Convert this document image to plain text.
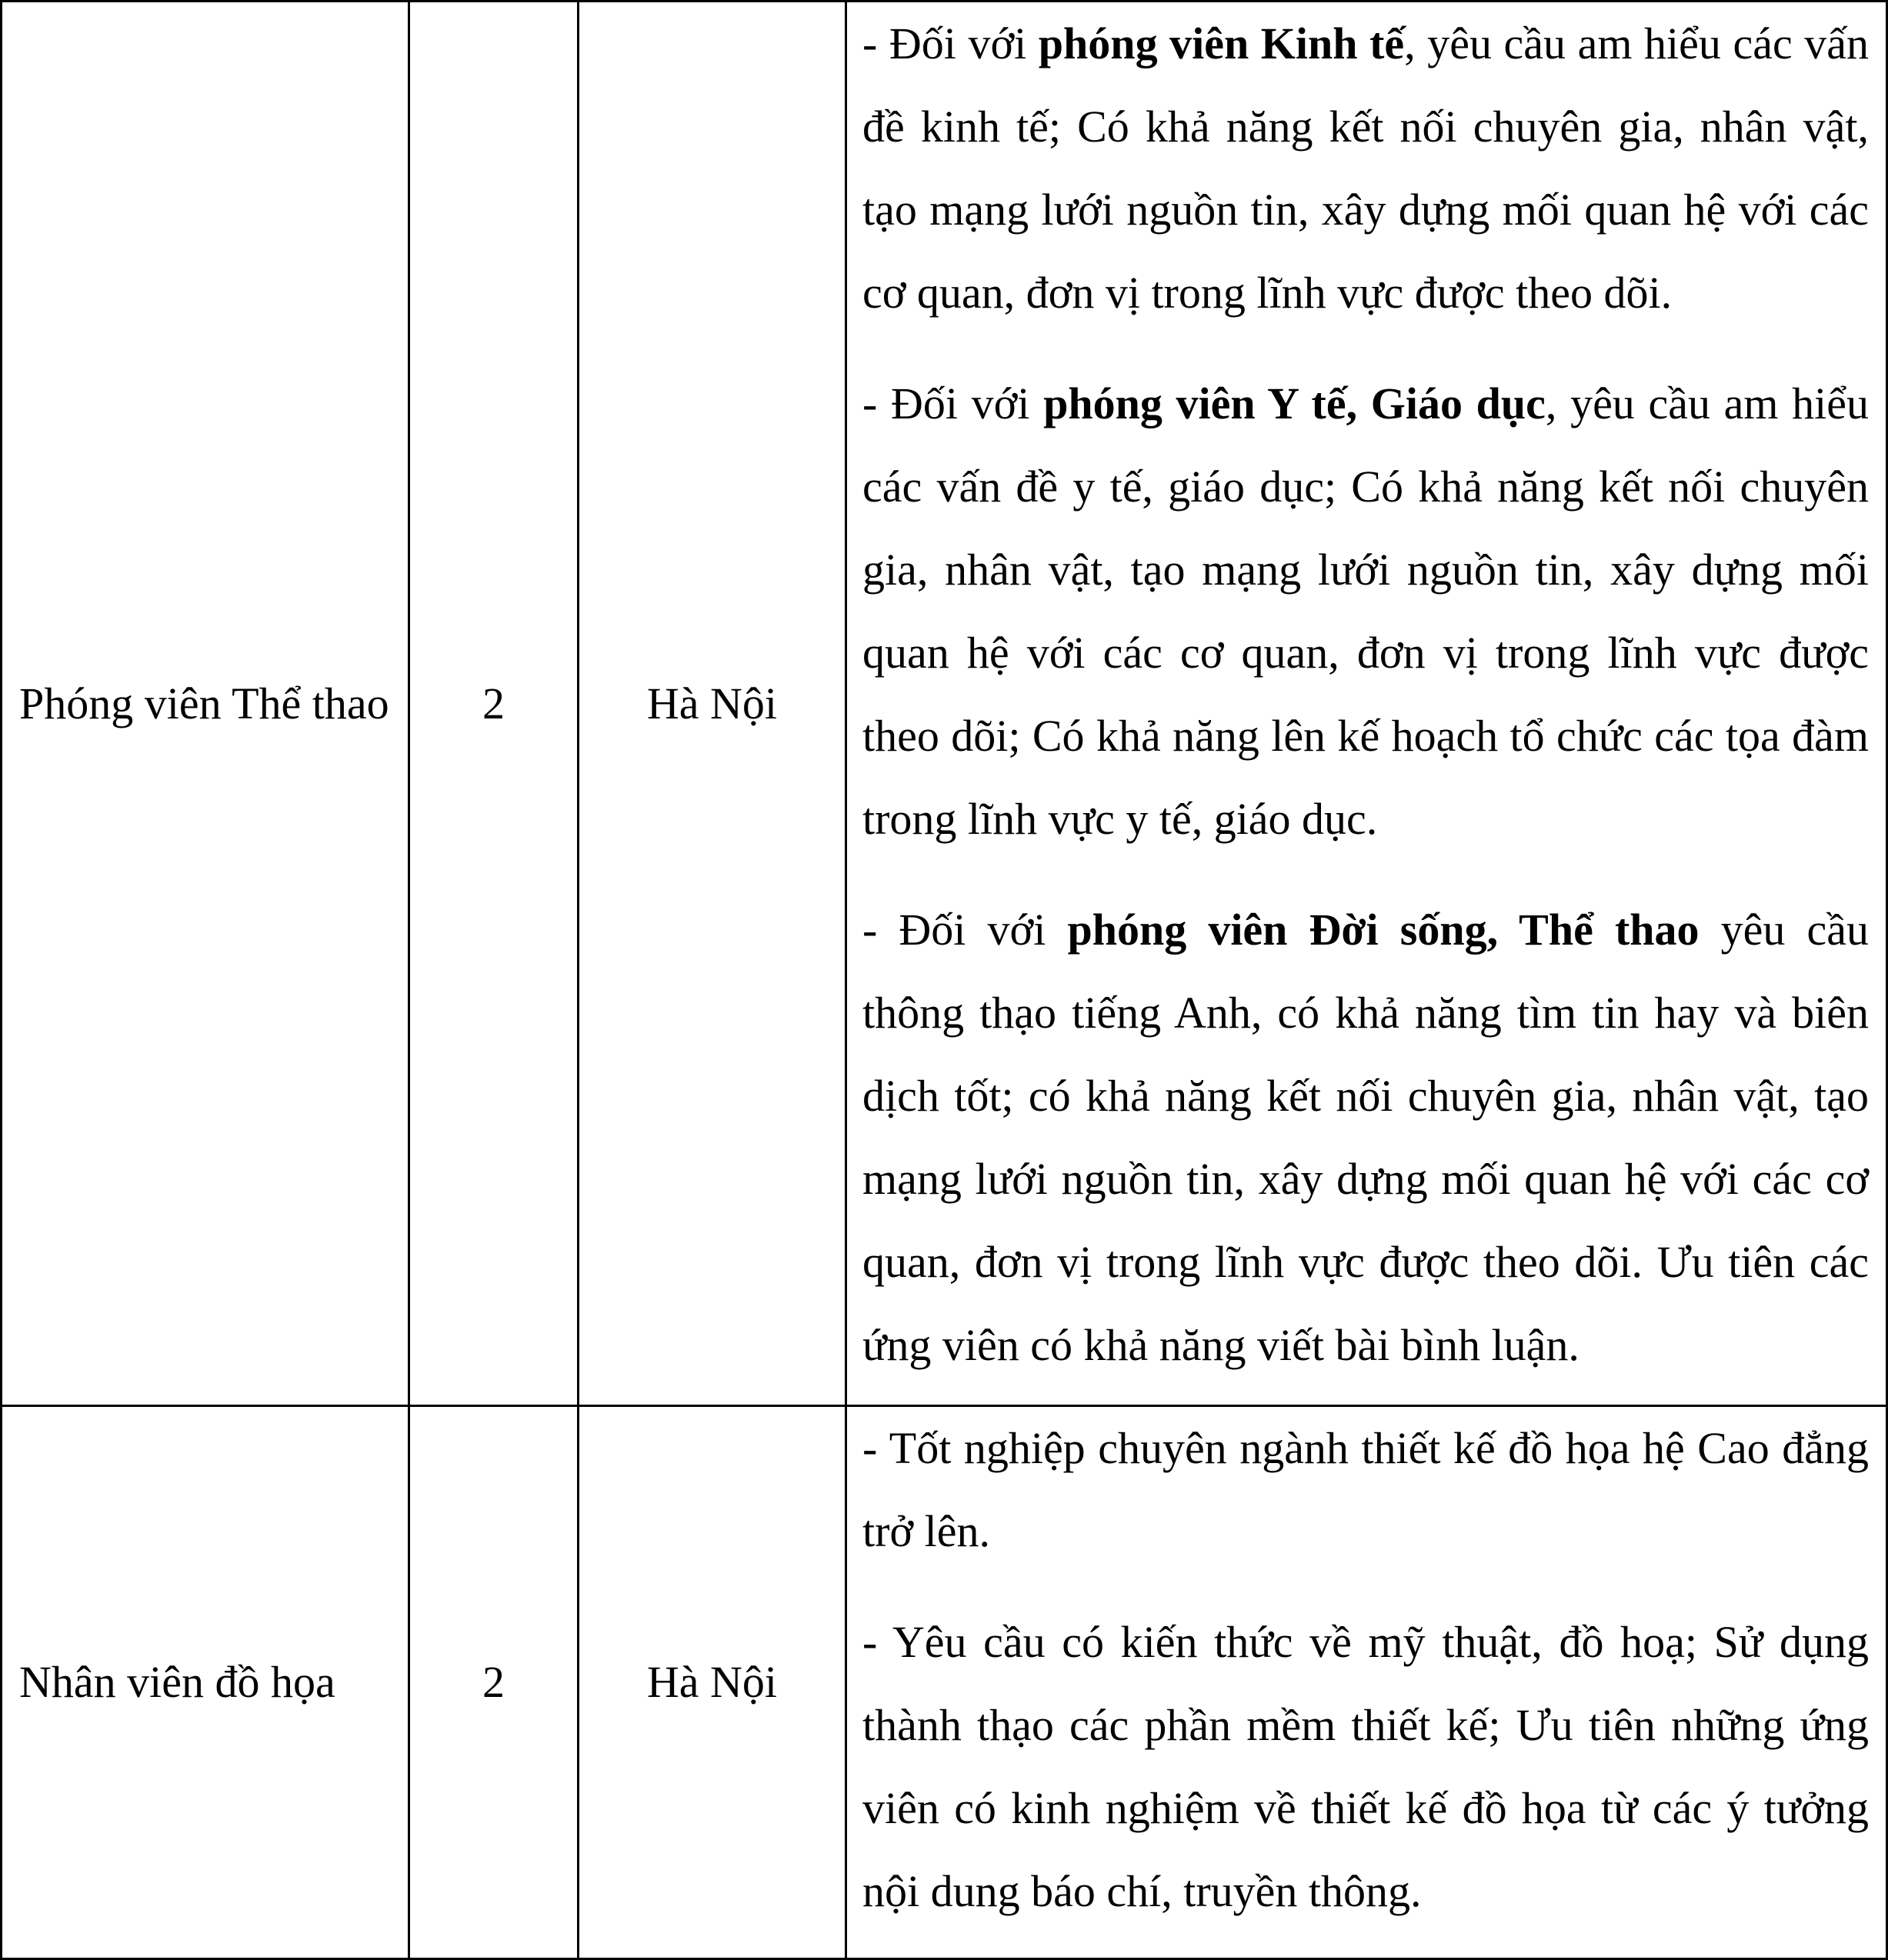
Phóng viên Thể thao	2	Hà Nội	- Đối với phóng viên Kinh tế, yêu cầu am hiểu các vấn đề kinh tế; Có khả năng kết nối chuyên gia, nhân vật, tạo mạng lưới nguồn tin, xây dựng mối quan hệ với các cơ quan, đơn vị trong lĩnh vực được theo dõi.

- Đối với phóng viên Y tế, Giáo dục, yêu cầu am hiểu các vấn đề y tế, giáo dục; Có khả năng kết nối chuyên gia, nhân vật, tạo mạng lưới nguồn tin, xây dựng mối quan hệ với các cơ quan, đơn vị trong lĩnh vực được theo dõi; Có khả năng lên kế hoạch tổ chức các tọa đàm trong lĩnh vực y tế, giáo dục.

- Đối với phóng viên Đời sống, Thể thao yêu cầu thông thạo tiếng Anh, có khả năng tìm tin hay và biên dịch tốt; có khả năng kết nối chuyên gia, nhân vật, tạo mạng lưới nguồn tin, xây dựng mối quan hệ với các cơ quan, đơn vị trong lĩnh vực được theo dõi. Ưu tiên các ứng viên có khả năng viết bài bình luận.

Nhân viên đồ họa	2	Hà Nội	- Tốt nghiệp chuyên ngành thiết kế đồ họa hệ Cao đẳng trở lên.

- Yêu cầu có kiến thức về mỹ thuật, đồ hoạ; Sử dụng thành thạo các phần mềm thiết kế; Ưu tiên những ứng viên có kinh nghiệm về thiết kế đồ họa từ các ý tưởng nội dung báo chí, truyền thông.
